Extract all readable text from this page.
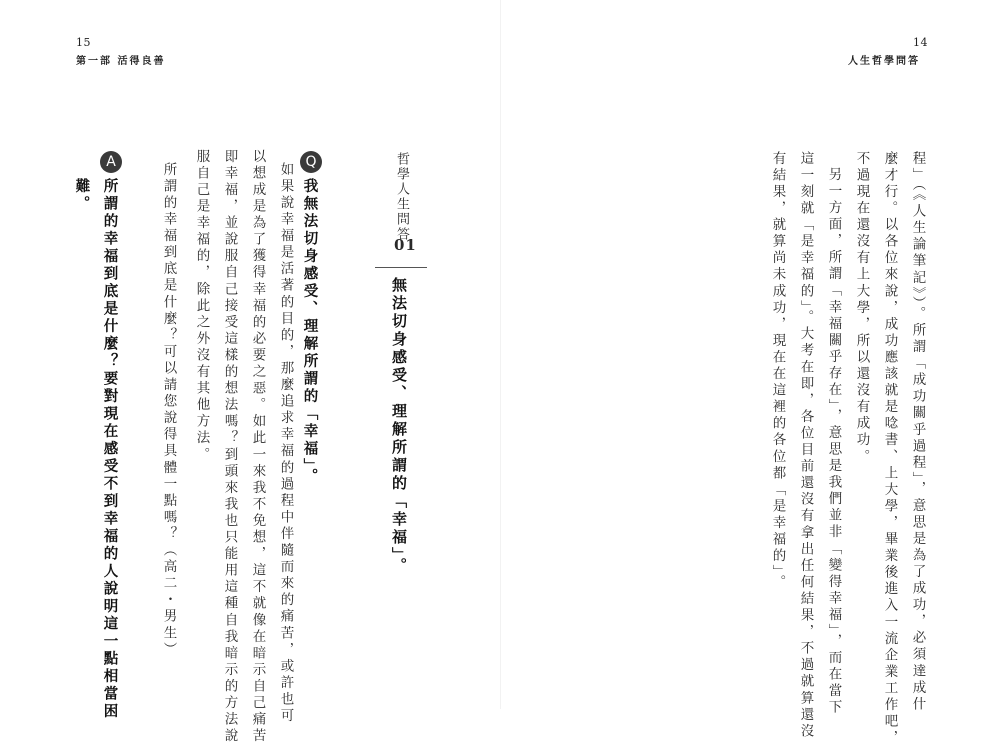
15
第一部 活得良善
哲學人生問答
01
無法切身感受、理解所謂的「幸福」。
Q
我無法切身感受、理解所謂的「幸福」。
如果說幸福是活著的目的，那麼追求幸福的過程中伴隨而來的痛苦，或許也可
以想成是為了獲得幸福的必要之惡。如此一來我不免想，這不就像在暗示自己痛苦
即幸福，並說服自己接受這樣的想法嗎？到頭來我也只能用這種自我暗示的方法說
服自己是幸福的，除此之外沒有其他方法。
所謂的幸福到底是什麼？可以請您說得具體一點嗎？（高二・男生）
A
所謂的幸福到底是什麼？要對現在感受不到幸福的人說明這一點相當困
難。
14
人生哲學問答
程」（《人生論筆記》）。所謂「成功關乎過程」，意思是為了成功，必須達成什
麼才行。以各位來說，成功應該就是唸書、上大學，畢業後進入一流企業工作吧，
不過現在還沒有上大學，所以還沒有成功。
另一方面，所謂「幸福關乎存在」，意思是我們並非「變得幸福」，而在當下
這一刻就「是幸福的」。大考在即，各位目前還沒有拿出任何結果，不過就算還沒
有結果，就算尚未成功，現在在這裡的各位都「是幸福的」。
